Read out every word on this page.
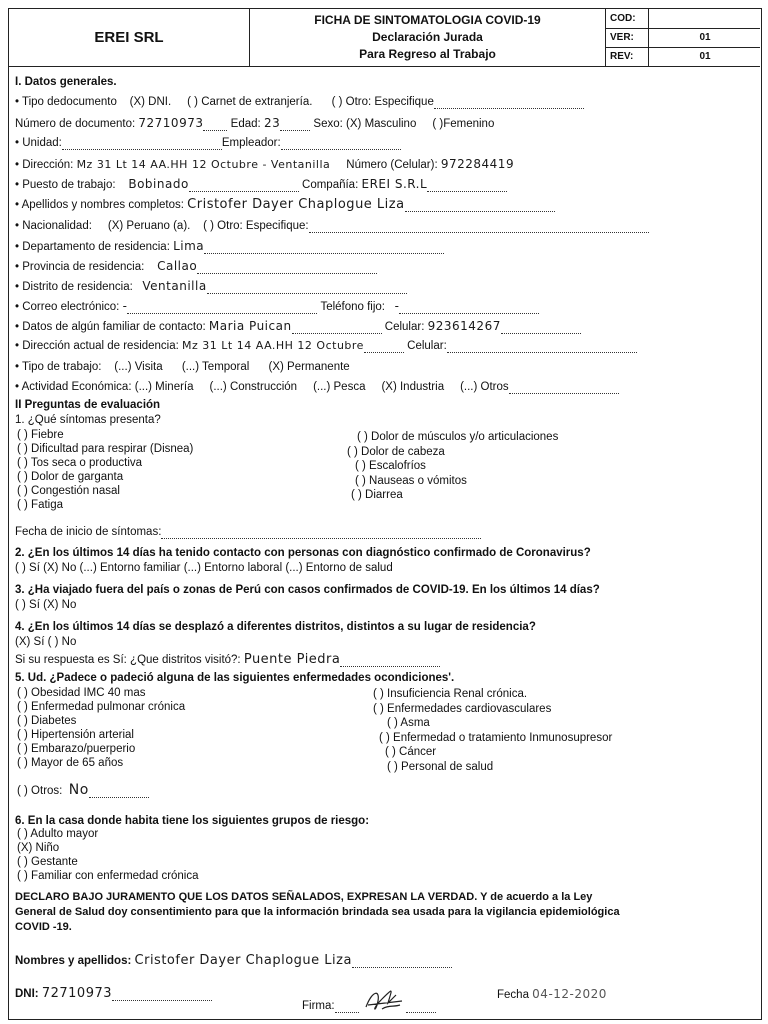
EREI SRL
FICHA DE SINTOMATOLOGIA COVID-19
Declaración Jurada
Para Regreso al Trabajo
COD:
VER:	01
REV:	01
I. Datos generales.
• Tipo dedocumento (X) DNI. ( ) Carnet de extranjería. ( ) Otro: Especifique
Número de documento: 72710973 Edad: 23	Sexo: (X) Masculino ( )Femenino
• Unidad:	Empleador:
• Dirección: Mz 31 Lt 14 AA.HH 12 Octubre - Ventanilla Número (Celular): 972284419
• Puesto de trabajo: Bobinado	Compañía: EREI S.R.L
• Apellidos y nombres completos: Cristofer Dayer Chaplogue Liza
• Nacionalidad: (X) Peruano (a). ( ) Otro: Especifique:
• Departamento de residencia: Lima
• Provincia de residencia: Callao
• Distrito de residencia: Ventanilla
• Correo electrónico: -	Teléfono fijo: -
• Datos de algún familiar de contacto: Maria Puican	Celular: 923614267
• Dirección actual de residencia: Mz 31 Lt 14 AA.HH 12 Octubre	Celular:
• Tipo de trabajo: (...) Visita (...) Temporal (X) Permanente
• Actividad Económica: (...) Minería (...) Construcción (...) Pesca (X) Industria (...) Otros
II Preguntas de evaluación
1. ¿Qué síntomas presenta?
( ) Fiebre
( ) Dificultad para respirar (Disnea)
( ) Tos seca o productiva
( ) Dolor de garganta
( ) Congestión nasal
( ) Fatiga
( ) Dolor de músculos y/o articulaciones
( ) Dolor de cabeza
( ) Escalofríos
( ) Nauseas o vómitos
( ) Diarrea
Fecha de inicio de síntomas:
2. ¿En los últimos 14 días ha tenido contacto con personas con diagnóstico confirmado de Coronavirus?
( ) Sí (X) No (...) Entorno familiar (...) Entorno laboral (...) Entorno de salud
3. ¿Ha viajado fuera del país o zonas de Perú con casos confirmados de COVID-19. En los últimos 14 días?
( ) Sí (X) No
4. ¿En los últimos 14 días se desplazó a diferentes distritos, distintos a su lugar de residencia?
(X) Sí ( ) No
Si su respuesta es Sí: ¿Que distritos visitó?: Puente Piedra
5. Ud. ¿Padece o padeció alguna de las siguientes enfermedades ocondiciones'.
( ) Obesidad IMC 40 mas
( ) Enfermedad pulmonar crónica
( ) Diabetes
( ) Hipertensión arterial
( ) Embarazo/puerperio
( ) Mayor de 65 años
( ) Insuficiencia Renal crónica.
( ) Enfermedades cardiovasculares
( ) Asma
( ) Enfermedad o tratamiento Inmunosupresor
( ) Cáncer
( ) Personal de salud
( ) Otros: No
6. En la casa donde habita tiene los siguientes grupos de riesgo:
( ) Adulto mayor
(X) Niño
( ) Gestante
( ) Familiar con enfermedad crónica
DECLARO BAJO JURAMENTO QUE LOS DATOS SEÑALADOS, EXPRESAN LA VERDAD. Y de acuerdo a la Ley
General de Salud doy consentimiento para que la información brindada sea usada para la vigilancia epidemiológica
COVID -19.
Nombres y apellidos: Cristofer Dayer Chaplogue Liza
DNI: 72710973
Firma:
Fecha 04-12-2020
